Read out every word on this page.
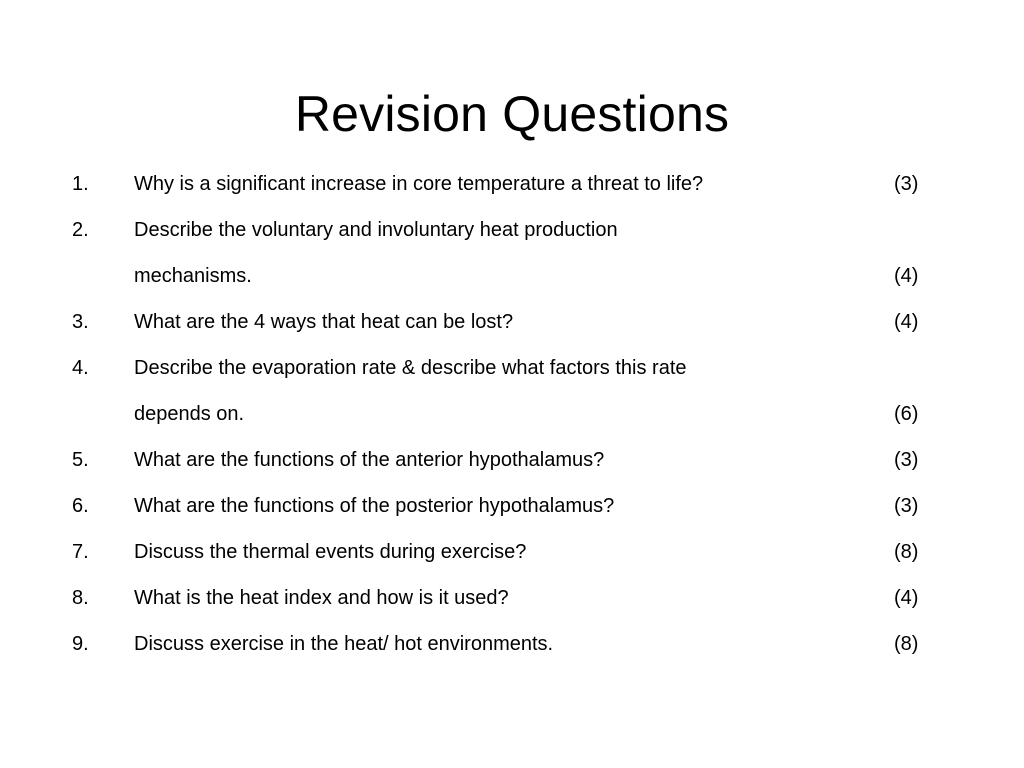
Revision Questions
1. Why is a significant increase in core temperature a threat to life?	(3)
2. Describe the voluntary and involuntary heat production
mechanisms.	(4)
3. What are the 4 ways that heat can be lost?	(4)
4. Describe the evaporation rate & describe what factors this rate
depends on.	(6)
5. What are the functions of the anterior hypothalamus?	(3)
6. What are the functions of the posterior hypothalamus?	(3)
7. Discuss the thermal events during exercise?	(8)
8. What is the heat index and how is it used?	(4)
9. Discuss exercise in the heat/ hot environments.	(8)
